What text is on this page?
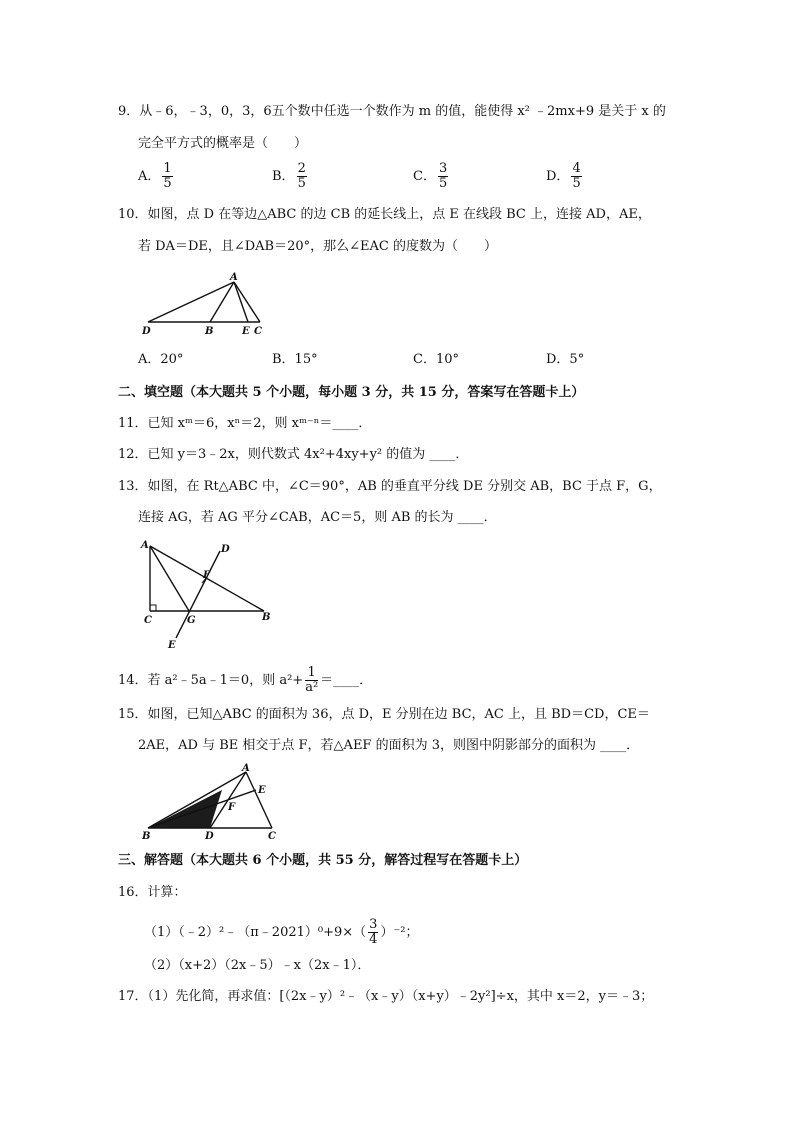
9．从﹣6，﹣3，0，3，6五个数中任选一个数作为 m 的值，能使得 x² ﹣2mx+9 是关于 x 的
完全平方式的概率是（　　）
A． $\frac{1}{5}$	B． $\frac{2}{5}$	C． $\frac{3}{5}$	D． $\frac{4}{5}$
10．如图，点 D 在等边△ABC 的边 CB 的延长线上，点 E 在线段 BC 上，连接 AD，AE，
若 DA＝DE，且∠DAB＝20°，那么∠EAC 的度数为（　　）
A
D	B	E C
A．20°	B．15°	C．10°	D．5°
二、填空题（本大题共 5 个小题，每小题 3 分，共 15 分，答案写在答题卡上）
11．已知 xᵐ＝6，xⁿ＝2，则 xᵐ⁻ⁿ＝____．
12．已知 y＝3﹣2x，则代数式 4x²+4xy+y² 的值为 ____．
13．如图，在 Rt△ABC 中，∠C＝90°，AB 的垂直平分线 DE 分别交 AB，BC 于点 F，G，
连接 AG，若 AG 平分∠CAB，AC＝5，则 AB 的长为 ____．
A	D
F
C	G	B
E
14．若 a²﹣5a﹣1＝0，则 $a^2+ \frac{1}{\text{a²}}$ ＝____．
15．如图，已知△ABC 的面积为 36，点 D，E 分别在边 BC，AC 上，且 BD＝CD，CE＝
2AE，AD 与 BE 相交于点 F，若△AEF 的面积为 3，则图中阴影部分的面积为 ____．
A
E
F
B	D	C
三、解答题（本大题共 6 个小题，共 55 分，解答过程写在答题卡上）
16．计算：
（1）（﹣2）²﹣（π﹣2021）⁰+9×（ $\frac{3}{4} )^{-2}$；
（2）（x+2）（2x﹣5）﹣x（2x﹣1）．
17．（1）先化简，再求值：[（2x﹣y）²﹣（x﹣y）（x+y）﹣2y²]÷x，其中 x＝2，y＝﹣3；
